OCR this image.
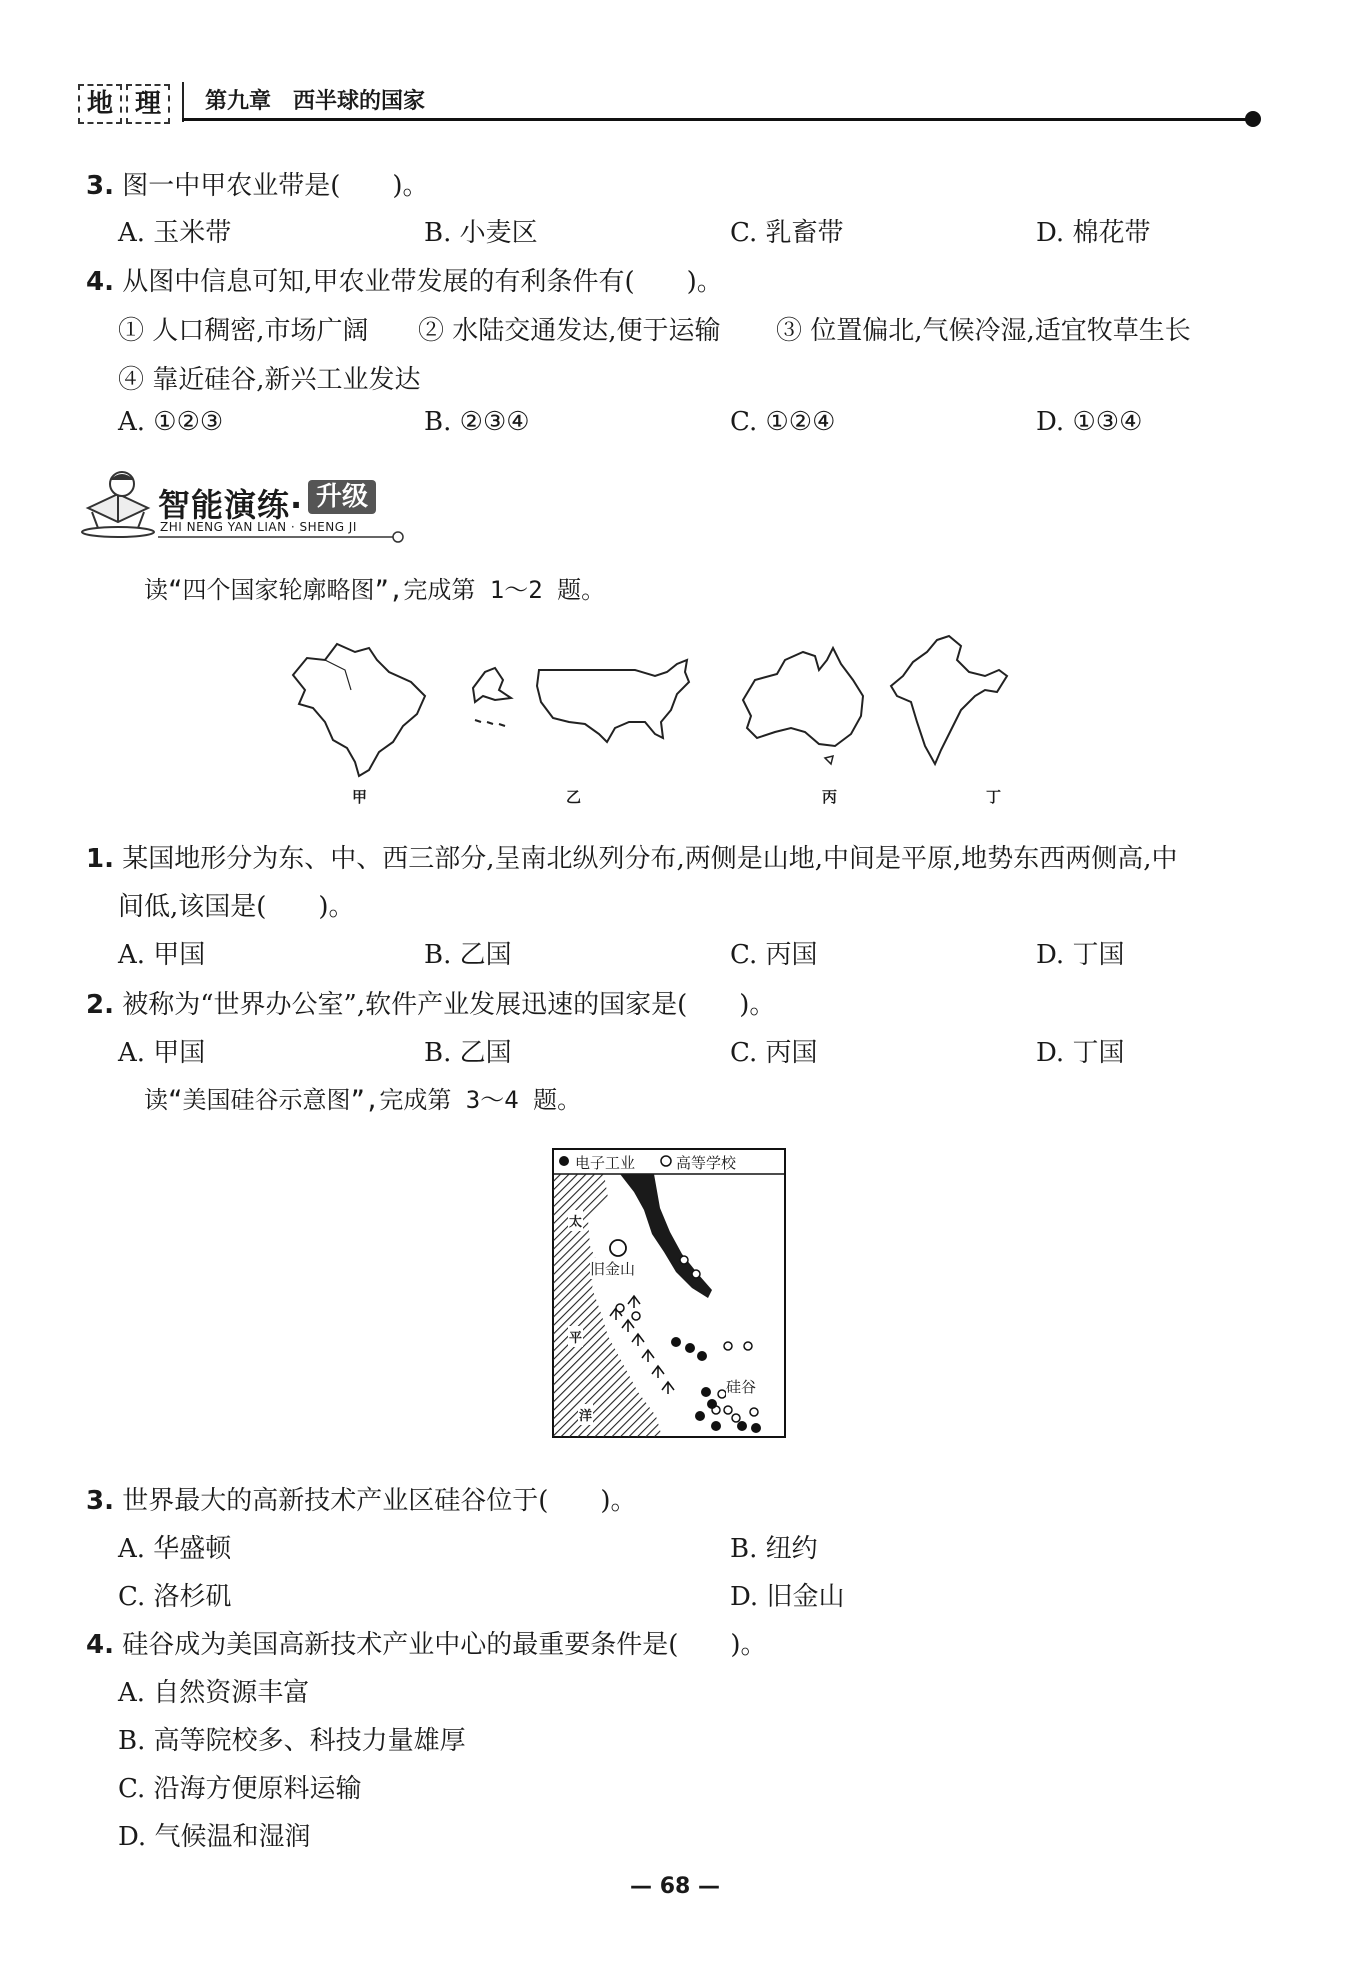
地 理	第九章　西半球的国家
3. 图一中甲农业带是(　　)。
A. 玉米带	B. 小麦区	C. 乳畜带	D. 棉花带
4. 从图中信息可知,甲农业带发展的有利条件有(　　)。
① 人口稠密,市场广阔 ② 水陆交通发达,便于运输 ③ 位置偏北,气候冷湿,适宜牧草生长
④ 靠近硅谷,新兴工业发达
A. ①②③	B. ②③④	C. ①②④	D. ①③④
智能演练· 升级
ZHI NENG YAN LIAN · SHENG JI
读“四个国家轮廓略图”,完成第 1～2 题。
甲	乙	丙	丁
1. 某国地形分为东、中、西三部分,呈南北纵列分布,两侧是山地,中间是平原,地势东西两侧高,中
间低,该国是(　　)。
A. 甲国	B. 乙国	C. 丙国	D. 丁国
2. 被称为“世界办公室”,软件产业发展迅速的国家是(　　)。
A. 甲国	B. 乙国	C. 丙国	D. 丁国
读“美国硅谷示意图”,完成第 3～4 题。
电子工业	高等学校
太
平
洋
旧金山
硅谷
3. 世界最大的高新技术产业区硅谷位于(　　)。
A. 华盛顿	B. 纽约
C. 洛杉矶	D. 旧金山
4. 硅谷成为美国高新技术产业中心的最重要条件是(　　)。
A. 自然资源丰富
B. 高等院校多、科技力量雄厚
C. 沿海方便原料运输
D. 气候温和湿润
— 68 —
